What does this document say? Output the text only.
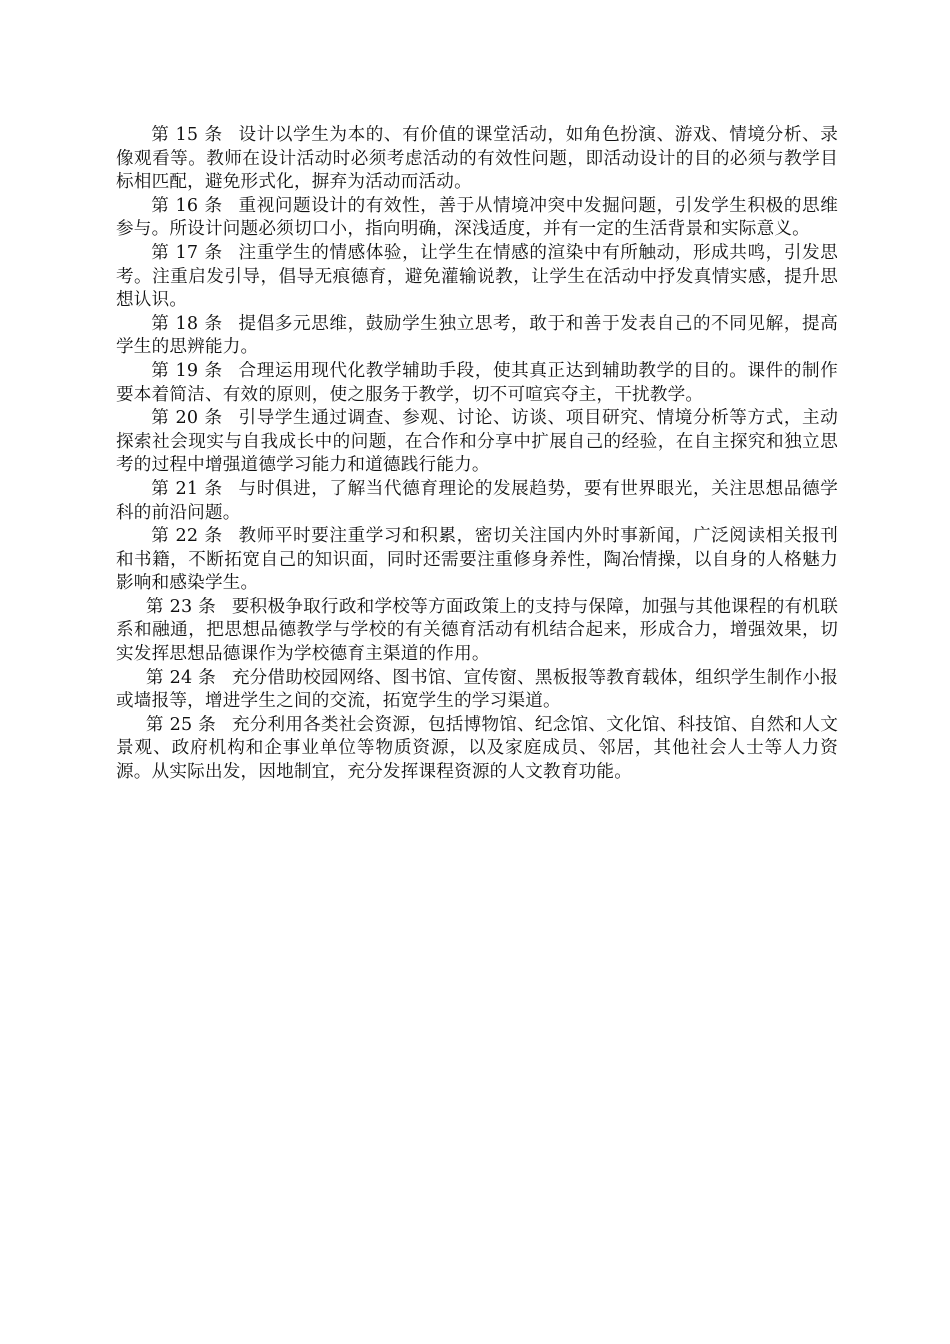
第 15 条 设计以学生为本的、有价值的课堂活动，如角色扮演、游戏、情境分析、录像观看等。教师在设计活动时必须考虑活动的有效性问题，即活动设计的目的必须与教学目标相匹配，避免形式化，摒弃为活动而活动。

第 16 条 重视问题设计的有效性，善于从情境冲突中发掘问题，引发学生积极的思维参与。所设计问题必须切口小，指向明确，深浅适度，并有一定的生活背景和实际意义。

第 17 条 注重学生的情感体验，让学生在情感的渲染中有所触动，形成共鸣，引发思考。注重启发引导，倡导无痕德育，避免灌输说教，让学生在活动中抒发真情实感，提升思想认识。

第 18 条 提倡多元思维，鼓励学生独立思考，敢于和善于发表自己的不同见解，提高学生的思辨能力。

第 19 条 合理运用现代化教学辅助手段，使其真正达到辅助教学的目的。课件的制作要本着简洁、有效的原则，使之服务于教学，切不可喧宾夺主，干扰教学。

第 20 条 引导学生通过调查、参观、讨论、访谈、项目研究、情境分析等方式，主动探索社会现实与自我成长中的问题，在合作和分享中扩展自己的经验，在自主探究和独立思考的过程中增强道德学习能力和道德践行能力。

第 21 条 与时俱进，了解当代德育理论的发展趋势，要有世界眼光，关注思想品德学科的前沿问题。

第 22 条 教师平时要注重学习和积累，密切关注国内外时事新闻，广泛阅读相关报刊和书籍，不断拓宽自己的知识面，同时还需要注重修身养性，陶冶情操，以自身的人格魅力影响和感染学生。

第 23 条 要积极争取行政和学校等方面政策上的支持与保障，加强与其他课程的有机联系和融通，把思想品德教学与学校的有关德育活动有机结合起来，形成合力，增强效果，切实发挥思想品德课作为学校德育主渠道的作用。

第 24 条 充分借助校园网络、图书馆、宣传窗、黑板报等教育载体，组织学生制作小报或墙报等，增进学生之间的交流，拓宽学生的学习渠道。

第 25 条 充分利用各类社会资源，包括博物馆、纪念馆、文化馆、科技馆、自然和人文景观、政府机构和企事业单位等物质资源，以及家庭成员、邻居，其他社会人士等人力资源。从实际出发，因地制宜，充分发挥课程资源的人文教育功能。
